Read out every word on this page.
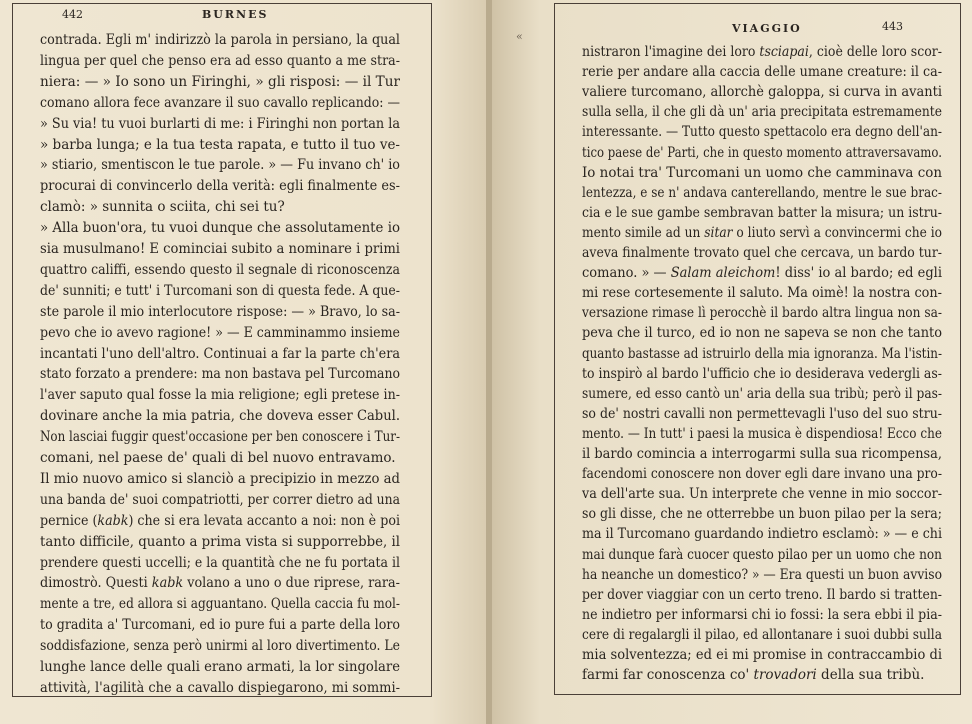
442	BURNES
contrada. Egli m' indirizzò la parola in persiano, la qual
lingua per quel che penso era ad esso quanto a me stra-
niera: — » Io sono un Firinghi, » gli risposi: — il Tur
comano allora fece avanzare il suo cavallo replicando: —
» Su via! tu vuoi burlarti di me: i Firinghi non portan la
» barba lunga; e la tua testa rapata, e tutto il tuo ve-
» stiario, smentiscon le tue parole. » — Fu invano ch' io
procurai di convincerlo della verità: egli finalmente es-
clamò: » sunnita o sciita, chi sei tu?
» Alla buon'ora, tu vuoi dunque che assolutamente io
sia musulmano! E cominciai subito a nominare i primi
quattro califfi, essendo questo il segnale di riconoscenza
de' sunniti; e tutt' i Turcomani son di questa fede. A que-
ste parole il mio interlocutore rispose: — » Bravo, lo sa-
pevo che io avevo ragione! » — E camminammo insieme
incantati l'uno dell'altro. Continuai a far la parte ch'era
stato forzato a prendere: ma non bastava pel Turcomano
l'aver saputo qual fosse la mia religione; egli pretese in-
dovinare anche la mia patria, che doveva esser Cabul.
Non lasciai fuggir quest'occasione per ben conoscere i Tur-
comani, nel paese de' quali di bel nuovo entravamo.
Il mio nuovo amico si slanciò a precipizio in mezzo ad
una banda de' suoi compatriotti, per correr dietro ad una
pernice (kabk) che si era levata accanto a noi: non è poi
tanto difficile, quanto a prima vista si supporrebbe, il
prendere questi uccelli; e la quantità che ne fu portata il
dimostrò. Questi kabk volano a uno o due riprese, rara-
mente a tre, ed allora si agguantano. Quella caccia fu mol-
to gradita a' Turcomani, ed io pure fui a parte della loro
soddisfazione, senza però unirmi al loro divertimento. Le
lunghe lance delle quali erano armati, la lor singolare
attività, l'agilità che a cavallo dispiegarono, mi sommi-
«
VIAGGIO	443
nistraron l'imagine dei loro tsciapai, cioè delle loro scor-
rerie per andare alla caccia delle umane creature: il ca-
valiere turcomano, allorchè galoppa, si curva in avanti
sulla sella, il che gli dà un' aria precipitata estremamente
interessante. — Tutto questo spettacolo era degno dell'an-
tico paese de' Parti, che in questo momento attraversavamo.
Io notai tra' Turcomani un uomo che camminava con
lentezza, e se n' andava canterellando, mentre le sue brac-
cia e le sue gambe sembravan batter la misura; un istru-
mento simile ad un sitar o liuto servì a convincermi che io
aveva finalmente trovato quel che cercava, un bardo tur-
comano. » — Salam aleichom! diss' io al bardo; ed egli
mi rese cortesemente il saluto. Ma oimè! la nostra con-
versazione rimase lì perocchè il bardo altra lingua non sa-
peva che il turco, ed io non ne sapeva se non che tanto
quanto bastasse ad istruirlo della mia ignoranza. Ma l'istin-
to inspirò al bardo l'ufficio che io desiderava vedergli as-
sumere, ed esso cantò un' aria della sua tribù; però il pas-
so de' nostri cavalli non permettevagli l'uso del suo stru-
mento. — In tutt' i paesi la musica è dispendiosa! Ecco che
il bardo comincia a interrogarmi sulla sua ricompensa,
facendomi conoscere non dover egli dare invano una pro-
va dell'arte sua. Un interprete che venne in mio soccor-
so gli disse, che ne otterrebbe un buon pilao per la sera;
ma il Turcomano guardando indietro esclamò: » — e chi
mai dunque farà cuocer questo pilao per un uomo che non
ha neanche un domestico? » — Era questi un buon avviso
per dover viaggiar con un certo treno. Il bardo si tratten-
ne indietro per informarsi chi io fossi: la sera ebbi il pia-
cere di regalargli il pilao, ed allontanare i suoi dubbi sulla
mia solventezza; ed ei mi promise in contraccambio di
farmi far conoscenza co' trovadori della sua tribù.
